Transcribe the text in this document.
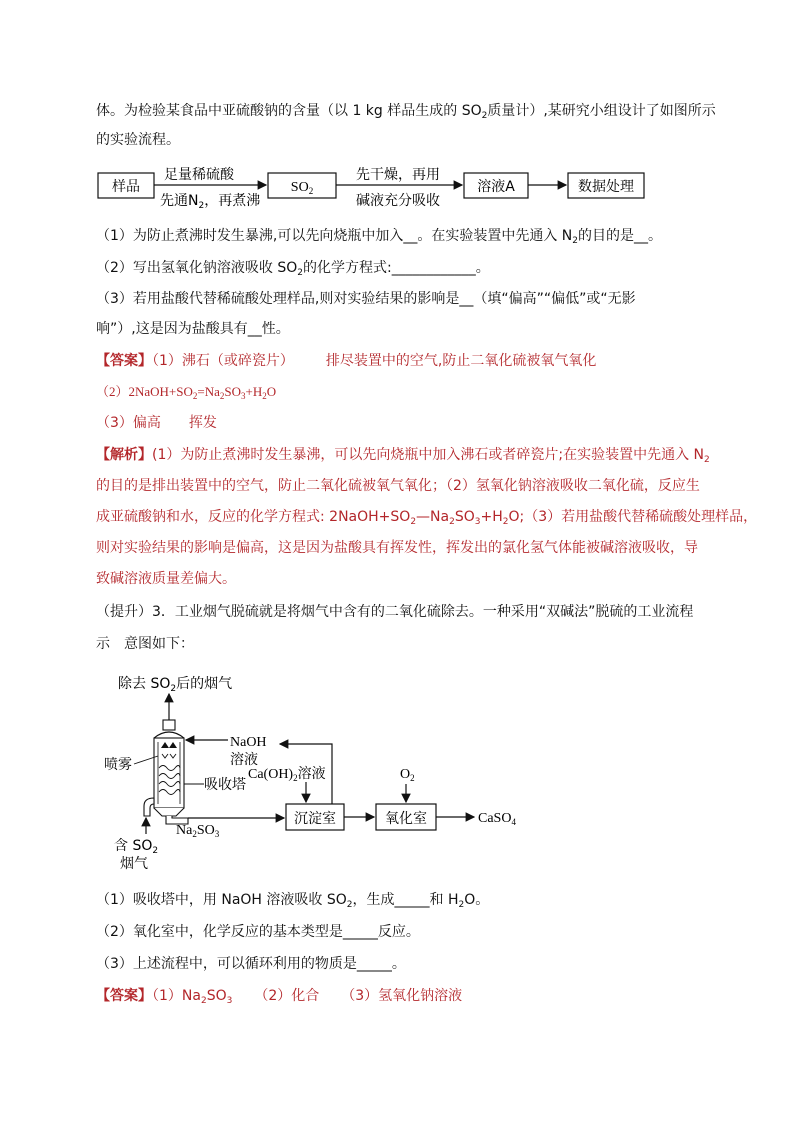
体。为检验某食品中亚硫酸钠的含量（以 1 kg 样品生成的 $SO_2$质量计）,某研究小组设计了如图所示
的实验流程。
样品
足量稀硫酸
先通$N_2$，再煮沸
$SO_2$
先干燥，再用
碱液充分吸收
溶液A	数据处理
（1）为防止煮沸时发生暴沸,可以先向烧瓶中加入__。在实验装置中先通入 $N_2$的目的是__。
（2）写出氢氧化钠溶液吸收 $SO_2$的化学方程式:____________。
（3）若用盐酸代替稀硫酸处理样品,则对实验结果的影响是__（填“偏高”“偏低”或“无影
响”）,这是因为盐酸具有__性。
【答案】（1）沸石（或碎瓷片） 排尽装置中的空气,防止二氧化硫被氧气氧化
$(2)2NaOH+SO_2=Na_2SO_3+H_2O$
（3）偏高 挥发
【解析】(1）为防止煮沸时发生暴沸，可以先向烧瓶中加入沸石或者碎瓷片;在实验装置中先通入 $N_2$
的目的是排出装置中的空气，防止二氧化硫被氧气氧化；（2）氢氧化钠溶液吸收二氧化硫，反应生
成亚硫酸钠和水，反应的化学方程式: $2NaOH+SO_2—Na_2SO_3+H_2O;(3)$若用盐酸代替稀硫酸处理样品，
则对实验结果的影响是偏高，这是因为盐酸具有挥发性，挥发出的氯化氢气体能被碱溶液吸收，导
致碱溶液质量差偏大。
（提升）3．工业烟气脱硫就是将烟气中含有的二氧化硫除去。一种采用“双碱法”脱硫的工业流程
示　意图如下：
除去 $SO_2$后的烟气
NaOH
溶液
喷雾
吸收塔
$Ca(OH)_2$溶液
$Na_2SO_3$
沉淀室
$O_2$
氧化室	CaSO$_4$
含 $SO_2$
烟气
（1）吸收塔中，用 NaOH 溶液吸收 $SO_2$，生成_____和 $H_2O$。
（2）氧化室中，化学反应的基本类型是_____反应。
（3）上述流程中，可以循环利用的物质是_____。
【答案】$(1)Na_2SO_3$ （2）化合 （3）氢氧化钠溶液
